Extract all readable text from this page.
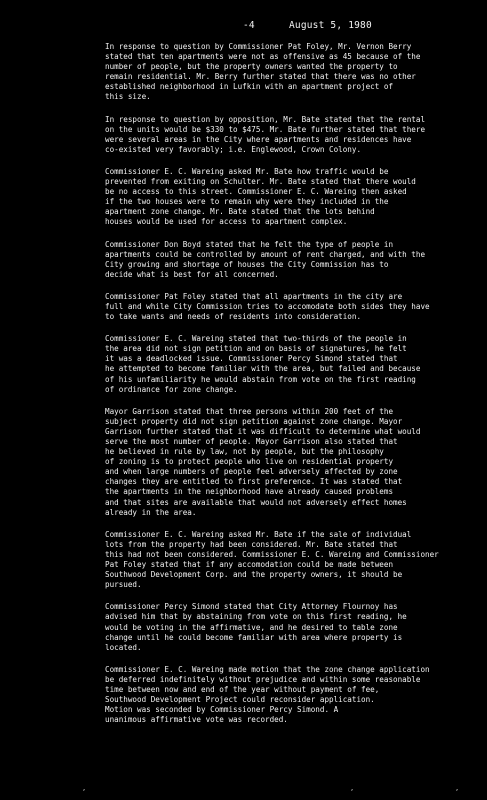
-4	August 5, 1980

In response to question by Commissioner Pat Foley, Mr. Vernon Berry
stated that ten apartments were not as offensive as 45 because of the
number of people, but the property owners wanted the property to
remain residential. Mr. Berry further stated that there was no other
established neighborhood in Lufkin with an apartment project of
this size.

In response to question by opposition, Mr. Bate stated that the rental
on the units would be $330 to $475. Mr. Bate further stated that there
were several areas in the City where apartments and residences have
co-existed very favorably; i.e. Englewood, Crown Colony.

Commissioner E. C. Wareing asked Mr. Bate how traffic would be
prevented from exiting on Schulter. Mr. Bate stated that there would
be no access to this street. Commissioner E. C. Wareing then asked
if the two houses were to remain why were they included in the
apartment zone change. Mr. Bate stated that the lots behind
houses would be used for access to apartment complex.

Commissioner Don Boyd stated that he felt the type of people in
apartments could be controlled by amount of rent charged, and with the
City growing and shortage of houses the City Commission has to
decide what is best for all concerned.

Commissioner Pat Foley stated that all apartments in the city are
full and while City Commission tries to accomodate both sides they have
to take wants and needs of residents into consideration.

Commissioner E. C. Wareing stated that two-thirds of the people in
the area did not sign petition and on basis of signatures, he felt
it was a deadlocked issue. Commissioner Percy Simond stated that
he attempted to become familiar with the area, but failed and because
of his unfamiliarity he would abstain from vote on the first reading
of ordinance for zone change.

Mayor Garrison stated that three persons within 200 feet of the
subject property did not sign petition against zone change. Mayor
Garrison further stated that it was difficult to determine what would
serve the most number of people. Mayor Garrison also stated that
he believed in rule by law, not by people, but the philosophy
of zoning is to protect people who live on residential property
and when large numbers of people feel adversely affected by zone
changes they are entitled to first preference. It was stated that
the apartments in the neighborhood have already caused problems
and that sites are available that would not adversely effect homes
already in the area.

Commissioner E. C. Wareing asked Mr. Bate if the sale of individual
lots from the property had been considered. Mr. Bate stated that
this had not been considered. Commissioner E. C. Wareing and Commissioner
Pat Foley stated that if any accomodation could be made between
Southwood Development Corp. and the property owners, it should be
pursued.

Commissioner Percy Simond stated that City Attorney Flournoy has
advised him that by abstaining from vote on this first reading, he
would be voting in the affirmative, and he desired to table zone
change until he could become familiar with area where property is
located.

Commissioner E. C. Wareing made motion that the zone change application
be deferred indefinitely without prejudice and within some reasonable
time between now and end of the year without payment of fee,
Southwood Development Project could reconsider application.
Motion was seconded by Commissioner Percy Simond. A
unanimous affirmative vote was recorded.

,	,	,
